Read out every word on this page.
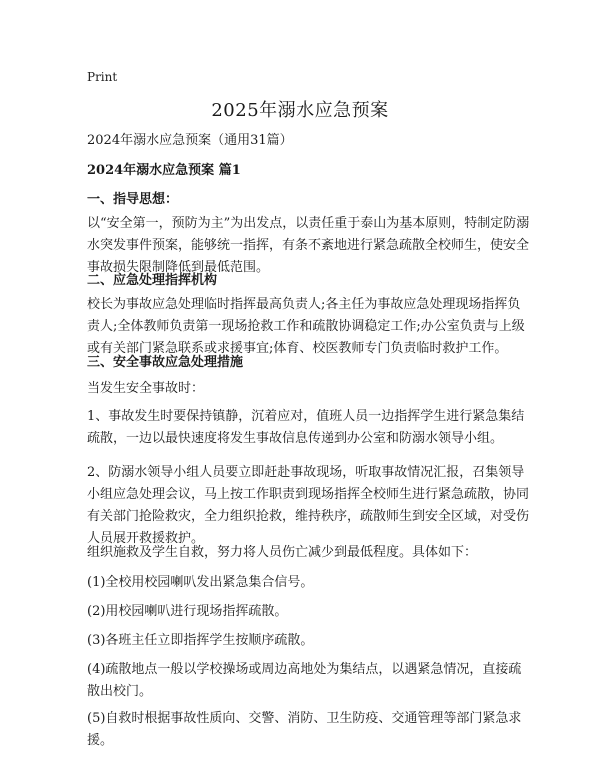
Print
2025年溺水应急预案
2024年溺水应急预案（通用31篇）
2024年溺水应急预案 篇1
一、指导思想：
以“安全第一，预防为主”为出发点，以责任重于泰山为基本原则，特制定防溺水突发事件预案，能够统一指挥，有条不紊地进行紧急疏散全校师生，使安全事故损失限制降低到最低范围。
二、应急处理指挥机构
校长为事故应急处理临时指挥最高负责人;各主任为事故应急处理现场指挥负责人;全体教师负责第一现场抢救工作和疏散协调稳定工作;办公室负责与上级或有关部门紧急联系或求援事宜;体育、校医教师专门负责临时救护工作。
三、安全事故应急处理措施
当发生安全事故时：
1、事故发生时要保持镇静，沉着应对，值班人员一边指挥学生进行紧急集结疏散，一边以最快速度将发生事故信息传递到办公室和防溺水领导小组。
2、防溺水领导小组人员要立即赶赴事故现场，听取事故情况汇报，召集领导小组应急处理会议，马上按工作职责到现场指挥全校师生进行紧急疏散，协同有关部门抢险救灾，全力组织抢救，维持秩序，疏散师生到安全区域，对受伤人员展开救援救护。
组织施救及学生自救，努力将人员伤亡减少到最低程度。具体如下：
(1)全校用校园喇叭发出紧急集合信号。
(2)用校园喇叭进行现场指挥疏散。
(3)各班主任立即指挥学生按顺序疏散。
(4)疏散地点一般以学校操场或周边高地处为集结点，以遇紧急情况，直接疏散出校门。
(5)自救时根据事故性质向、交警、消防、卫生防疫、交通管理等部门紧急求援。
